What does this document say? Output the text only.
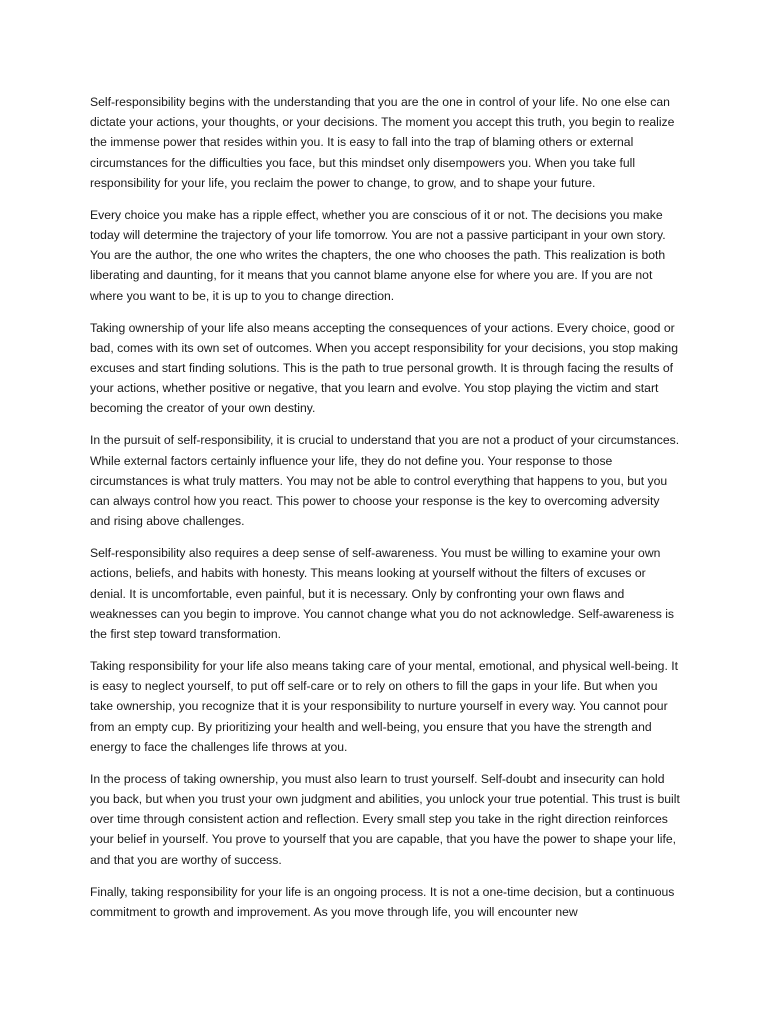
Self-responsibility begins with the understanding that you are the one in control of your life. No one else can dictate your actions, your thoughts, or your decisions. The moment you accept this truth, you begin to realize the immense power that resides within you. It is easy to fall into the trap of blaming others or external circumstances for the difficulties you face, but this mindset only disempowers you. When you take full responsibility for your life, you reclaim the power to change, to grow, and to shape your future.

Every choice you make has a ripple effect, whether you are conscious of it or not. The decisions you make today will determine the trajectory of your life tomorrow. You are not a passive participant in your own story. You are the author, the one who writes the chapters, the one who chooses the path. This realization is both liberating and daunting, for it means that you cannot blame anyone else for where you are. If you are not where you want to be, it is up to you to change direction.

Taking ownership of your life also means accepting the consequences of your actions. Every choice, good or bad, comes with its own set of outcomes. When you accept responsibility for your decisions, you stop making excuses and start finding solutions. This is the path to true personal growth. It is through facing the results of your actions, whether positive or negative, that you learn and evolve. You stop playing the victim and start becoming the creator of your own destiny.

In the pursuit of self-responsibility, it is crucial to understand that you are not a product of your circumstances. While external factors certainly influence your life, they do not define you. Your response to those circumstances is what truly matters. You may not be able to control everything that happens to you, but you can always control how you react. This power to choose your response is the key to overcoming adversity and rising above challenges.

Self-responsibility also requires a deep sense of self-awareness. You must be willing to examine your own actions, beliefs, and habits with honesty. This means looking at yourself without the filters of excuses or denial. It is uncomfortable, even painful, but it is necessary. Only by confronting your own flaws and weaknesses can you begin to improve. You cannot change what you do not acknowledge. Self-awareness is the first step toward transformation.

Taking responsibility for your life also means taking care of your mental, emotional, and physical well-being. It is easy to neglect yourself, to put off self-care or to rely on others to fill the gaps in your life. But when you take ownership, you recognize that it is your responsibility to nurture yourself in every way. You cannot pour from an empty cup. By prioritizing your health and well-being, you ensure that you have the strength and energy to face the challenges life throws at you.

In the process of taking ownership, you must also learn to trust yourself. Self-doubt and insecurity can hold you back, but when you trust your own judgment and abilities, you unlock your true potential. This trust is built over time through consistent action and reflection. Every small step you take in the right direction reinforces your belief in yourself. You prove to yourself that you are capable, that you have the power to shape your life, and that you are worthy of success.

Finally, taking responsibility for your life is an ongoing process. It is not a one-time decision, but a continuous commitment to growth and improvement. As you move through life, you will encounter new
